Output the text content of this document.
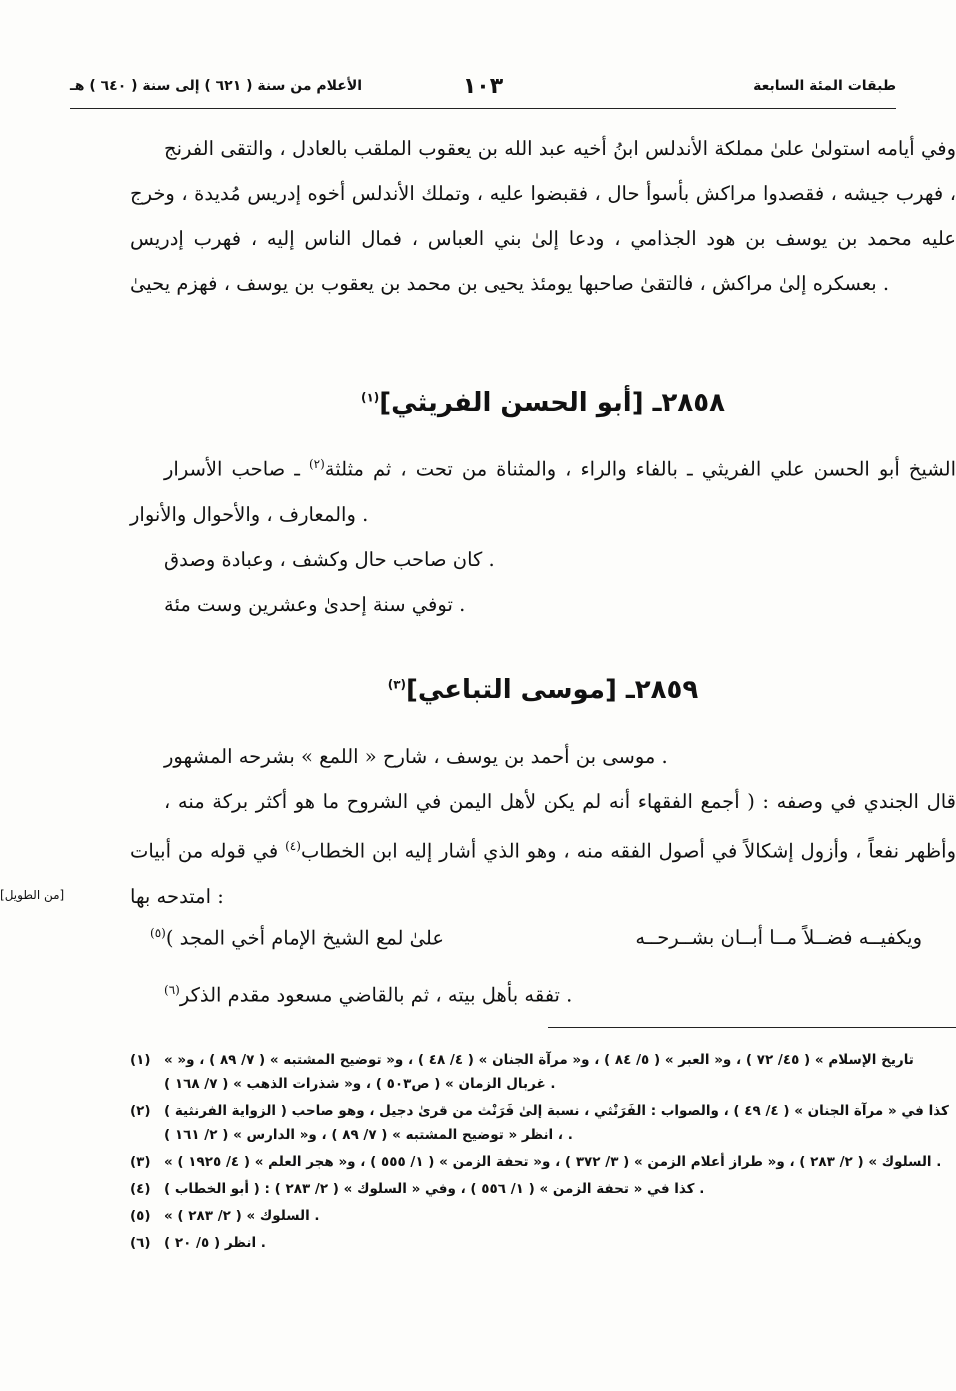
طبقات المئة السابعة
١٠٣
الأعلام من سنة ( ٦٢١ ) إلى سنة ( ٦٤٠ ) هـ

وفي أيامه استولىٰ علىٰ مملكة الأندلس ابنُ أخيه عبد الله بن يعقوب الملقب بالعادل ، والتقى الفرنج ، فهرب جيشه ، فقصدوا مراكش بأسوأ حال ، فقبضوا عليه ، وتملك الأندلس أخوه إدريس مُديدة ، وخرج عليه محمد بن يوسف بن هود الجذامي ، ودعا إلىٰ بني العباس ، فمال الناس إليه ، فهرب إدريس بعسكره إلىٰ مراكش ، فالتقىٰ صاحبها يومئذ يحيى بن محمد بن يعقوب بن يوسف ، فهزم يحيىٰ .

٢٨٥٨ـ [أبو الحسن الفريثي]$^{(١)}$

الشيخ أبو الحسن علي الفريثي ـ بالفاء والراء ، والمثناة من تحت ، ثم مثلثة$^{(٢)}$ ـ صاحب الأسرار والمعارف ، والأحوال والأنوار .

كان صاحب حال وكشف ، وعبادة وصدق .

توفي سنة إحدىٰ وعشرين وست مئة .

٢٨٥٩ـ [موسى التباعي]$^{(٣)}$

موسى بن أحمد بن يوسف ، شارح « اللمع » بشرحه المشهور .

قال الجندي في وصفه : ( أجمع الفقهاء أنه لم يكن لأهل اليمن في الشروح ما هو أكثر بركة منه ، وأظهر نفعاً ، وأزول إشكالاً في أصول الفقه منه ، وهو الذي أشار إليه ابن الخطاب$^{(٤)}$ في قوله من أبيات امتدحه بها :

[من الطويل]
ويكفيــه فضــلاً مــا أبــان بشــرحــه
علىٰ لمع الشيخ الإمام أخي المجد )$^{(٥)}$

تفقه بأهل بيته ، ثم بالقاضي مسعود مقدم الذكر$^{(٦)}$	.

(١) « تاريخ الإسلام » ( ٤٥/ ٧٢ ) ، و« العبر » ( ٥/ ٨٤ ) ، و« مرآة الجنان » ( ٤/ ٤٨ ) ، و« توضيح المشتبه » ( ٧/ ٨٩ ) ، و« غربال الزمان » ( ص٥٠٣ ) ، و« شذرات الذهب » ( ٧/ ١٦٨ ) .
(٢) كذا في « مرآة الجنان » ( ٤/ ٤٩ ) ، والصواب : الفَرَنْثي ، نسبة إلىٰ فَرَنْث من قرىٰ دجيل ، وهو صاحب ( الزواية الفرنثية ) ، انظر « توضيح المشتبه » ( ٧/ ٨٩ ) ، و« الدارس » ( ٢/ ١٦١ ) .
(٣) « السلوك » ( ٢/ ٢٨٣ ) ، و« طراز أعلام الزمن » ( ٣/ ٣٧٢ ) ، و« تحفة الزمن » ( ١/ ٥٥٥ ) ، و« هجر العلم » ( ٤/ ١٩٢٥ ) .
(٤) كذا في « تحفة الزمن » ( ١/ ٥٥٦ ) ، وفي « السلوك » ( ٢/ ٢٨٣ ) : ( أبو الخطاب ) .
(٥) « السلوك » ( ٢/ ٢٨٣ ) .
(٦) انظر ( ٥/ ٢٠ ) .
